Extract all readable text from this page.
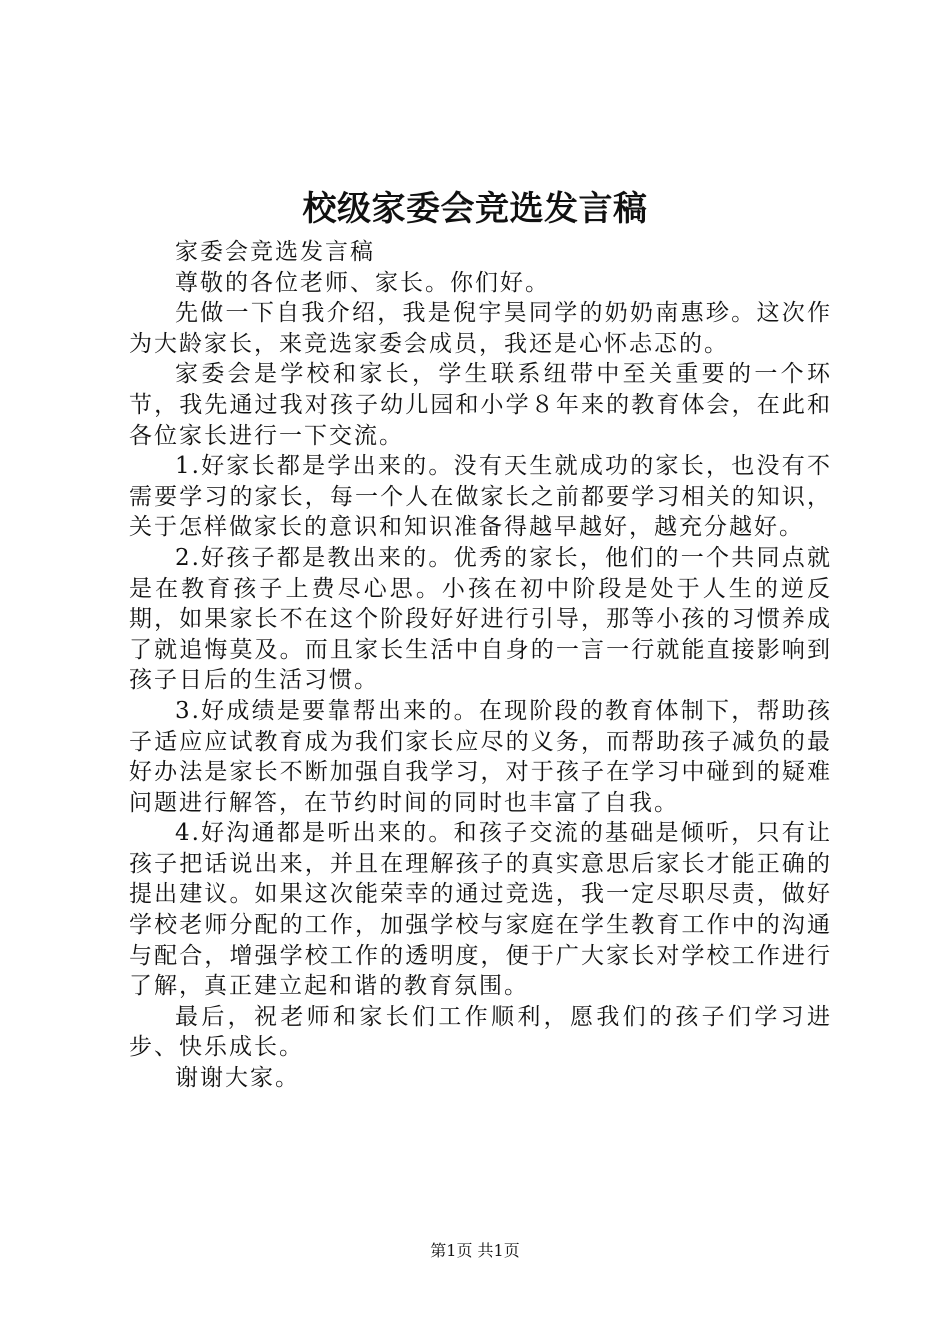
校级家委会竞选发言稿

家委会竞选发言稿

尊敬的各位老师、家长。你们好。

先做一下自我介绍，我是倪宇昊同学的奶奶南惠珍。这次作为大龄家长，来竞选家委会成员，我还是心怀忐忑的。

家委会是学校和家长，学生联系纽带中至关重要的一个环节，我先通过我对孩子幼儿园和小学８年来的教育体会，在此和各位家长进行一下交流。

1.好家长都是学出来的。没有天生就成功的家长，也没有不需要学习的家长，每一个人在做家长之前都要学习相关的知识，关于怎样做家长的意识和知识准备得越早越好，越充分越好。

2.好孩子都是教出来的。优秀的家长，他们的一个共同点就是在教育孩子上费尽心思。小孩在初中阶段是处于人生的逆反期，如果家长不在这个阶段好好进行引导，那等小孩的习惯养成了就追悔莫及。而且家长生活中自身的一言一行就能直接影响到孩子日后的生活习惯。

3.好成绩是要靠帮出来的。在现阶段的教育体制下，帮助孩子适应应试教育成为我们家长应尽的义务，而帮助孩子减负的最好办法是家长不断加强自我学习，对于孩子在学习中碰到的疑难问题进行解答，在节约时间的同时也丰富了自我。

4.好沟通都是听出来的。和孩子交流的基础是倾听，只有让孩子把话说出来，并且在理解孩子的真实意思后家长才能正确的提出建议。如果这次能荣幸的通过竞选，我一定尽职尽责，做好学校老师分配的工作，加强学校与家庭在学生教育工作中的沟通与配合，增强学校工作的透明度，便于广大家长对学校工作进行了解，真正建立起和谐的教育氛围。

最后，祝老师和家长们工作顺利，愿我们的孩子们学习进步、快乐成长。

谢谢大家。

第1页 共1页
